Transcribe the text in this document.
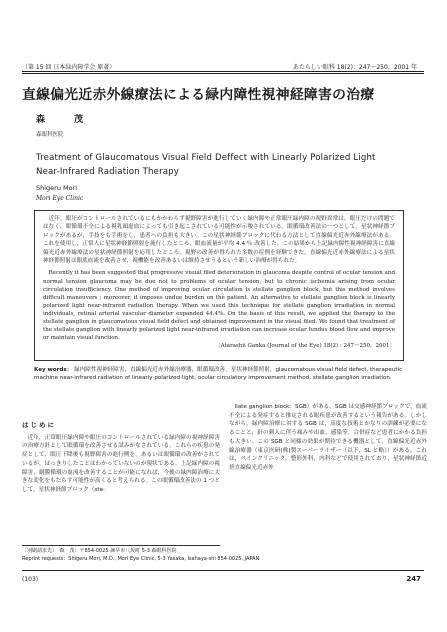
（第 15 回 日本緑内障学会 原著）	あたらしい眼科 18(2)：247～250，2001 年
直線偏光近赤外線療法による緑内障性視神経障害の治療
森　茂
森眼科医院
Treatment of Glaucomatous Visual Field Deffect with Linearly Polarized Light Near-Infrared Radiation Therapy
Shigeru Mori
Mori Eye Clinic

近年，眼圧がコントロールされているにもかかわらず視野障害が進行していく緑内障や正常眼圧緑内障の視野異常は，眼圧だけの問題ではなく，眼循環不全による視乳頭虚血によっても引き起こされている可能性が示唆されている。眼循環改善法の一つとして，星状神経節ブロックがあるが，手技をも手術をし，患者への負担も大きい。この星状神経節ブロックに代わる方法として直線偏光近赤外線療法がある。これを使用し，正常人に星状神経節照射を施行したところ，眼血流量が平均 4.4 ％ 改善した。この結果から上記緑内障性視神経障害に直線偏光近赤外線療法の星状神経節照射を応用したところ，視野の改善が得られた多数の症例を経験できた。直線偏光近赤外線療法による星状神経節照射は眼底血流を改善させ，視機能を改善あるいは維持させうるという新しい治療が得られた。

Recently it has been suggested that progressive visual filed deterioration in glaucoma despite control of ocular tension and normal tension glaucoma may be due not to problems of ocular tension, but to chronic ischemia arising from ocular circulation insufficiency. One method of improving ocular circulation is stellate ganglion block, but this method involves difficult maneuvers ; moreover, it imposes undue burden on the patient. An alternative to stellate ganglion block is linearly polarized light near-infrared radiation therapy. When we used this technique for stellate ganglion irradiation in normal individuals, retinal arterial vascular diameter expanded 44.4%. On the basis of this result, we applied the therapy to the stellate ganglion in glaucomatous visual field defect and obtained improvement in the visual filed. We found that treatment of the stellate ganglion with linearly polarized light near-infrared irradiation can increase ocular fundus blood flow and improve or maintain visual function.

〔Atarashii Ganka (Journal of the Eye) 18(2) : 247～250，2001〕
Key words： 緑内障性視神経障害，直線偏光近赤外線治療器，眼循環改善，星状神経節照射，glaucomatous visual field defect, therapeutic machine near-infrared radiation of linearly polarized light, ocular circulatory improvement method, stellate ganglion irradiation.
はじめに

近年，正常眼圧緑内障や眼圧のコントロールされている緑内障の視神経障害の治療方針として眼循環を改善させる試みがなされている。これらの疾患の発症として，眼圧下降後も視野障害の進行例を，あるいは眼循環の改善がされているが，はっきりしたことはわかっていないのが現状である。上記緑内障の視障害，網膜循環の血流を改善することが可能になれば，今後の緑内障治療に大きな変化をもたらす可能性が高くると考えられる。この眼循環改善法の 1 つとして，星状神経節ブロック（ste-

llate ganglion block：SGB）がある。SGB は交感神経節ブロックで，血流不全による発症すると推定される眼疾患が改善するという報告がある。しかしながら，緑内障治療に対する SGB は，高度な技術とかなりの訓練が必要になることと，針の刺入に伴う痛みや出血，感染等，合併症など患者にかかる負担も大きい。この SGB と同様の効果が期待できる機器として，直線偏光近赤外線治療器（東京医研(株)製スーパーライザー（以下，SL と略））がある。これは，ペインクリニック，整形外科，内科などで使用されており，星状神経節近傍直線偏光近赤外

〔別刷請求先〕　森　茂：〒854-0025 諫早市八坂町 5-3 森眼科医院
Reprint requests：Shigeru Mori, M.D., Mori Eye Clinic, 5-3 Yasaka, Isahaya-shi 854-0025, JAPAN
(103)	247
